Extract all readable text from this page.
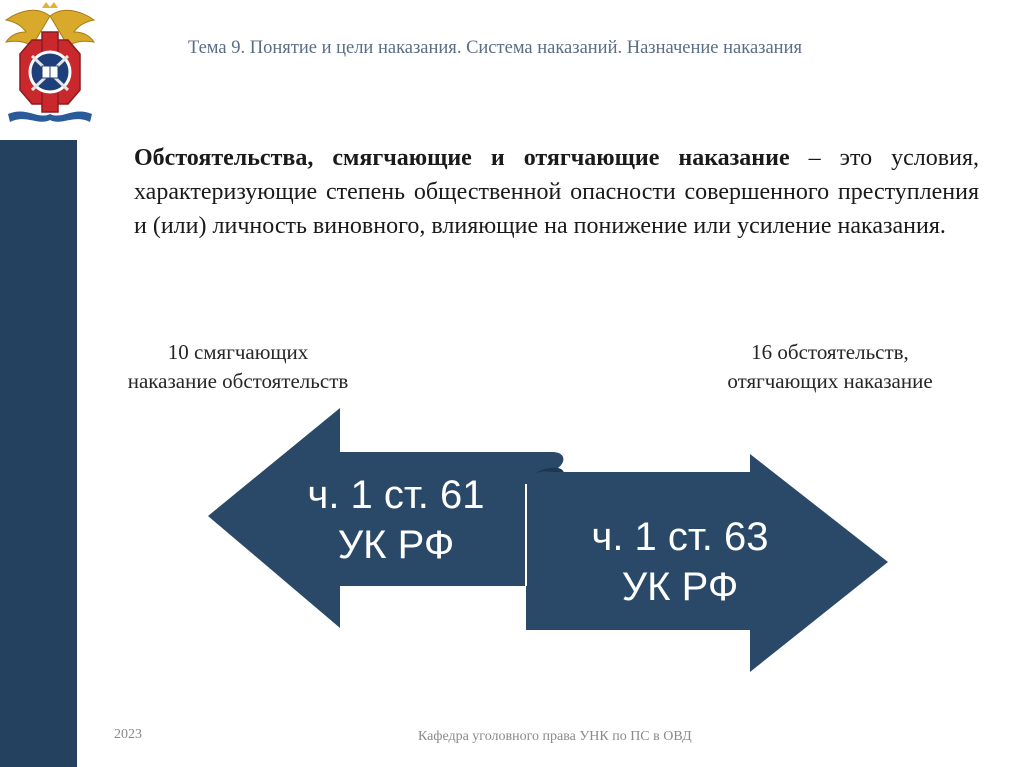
Тема 9. Понятие и цели наказания. Система наказаний. Назначение наказания

Обстоятельства, смягчающие и отягчающие наказание – это условия, характеризующие степень общественной опасности совершенного преступления и (или) личность виновного, влияющие на понижение или усиление наказания.

10 смягчающих
наказание обстоятельств
16 обстоятельств,
отягчающих наказание
ч. 1 ст. 61
УК РФ	ч. 1 ст. 63
УК РФ
2023	Кафедра уголовного права УНК по ПС в ОВД
